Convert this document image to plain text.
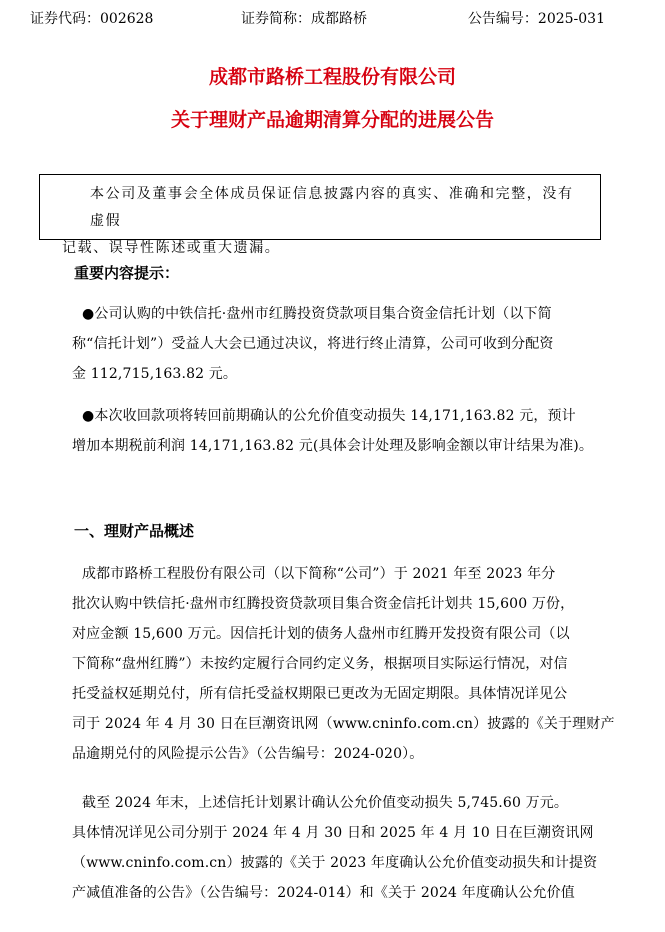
证券代码：002628	证券简称：成都路桥	公告编号：2025-031
成都市路桥工程股份有限公司
关于理财产品逾期清算分配的进展公告
本公司及董事会全体成员保证信息披露内容的真实、准确和完整，没有虚假
记载、误导性陈述或重大遗漏。
重要内容提示：
●公司认购的中铁信托·盘州市红腾投资贷款项目集合资金信托计划（以下简
称“信托计划”）受益人大会已通过决议，将进行终止清算，公司可收到分配资
金 112,715,163.82 元。
●本次收回款项将转回前期确认的公允价值变动损失 14,171,163.82 元，预计
增加本期税前利润 14,171,163.82 元(具体会计处理及影响金额以审计结果为准)。
一、理财产品概述
成都市路桥工程股份有限公司（以下简称“公司”）于 2021 年至 2023 年分
批次认购中铁信托·盘州市红腾投资贷款项目集合资金信托计划共 15,600 万份，
对应金额 15,600 万元。因信托计划的债务人盘州市红腾开发投资有限公司（以
下简称“盘州红腾”）未按约定履行合同约定义务，根据项目实际运行情况，对信
托受益权延期兑付，所有信托受益权期限已更改为无固定期限。具体情况详见公
司于 2024 年 4 月 30 日在巨潮资讯网（www.cninfo.com.cn）披露的《关于理财产
品逾期兑付的风险提示公告》（公告编号：2024-020）。
截至 2024 年末，上述信托计划累计确认公允价值变动损失 5,745.60 万元。
具体情况详见公司分别于 2024 年 4 月 30 日和 2025 年 4 月 10 日在巨潮资讯网
（www.cninfo.com.cn）披露的《关于 2023 年度确认公允价值变动损失和计提资
产减值准备的公告》（公告编号：2024-014）和《关于 2024 年度确认公允价值
